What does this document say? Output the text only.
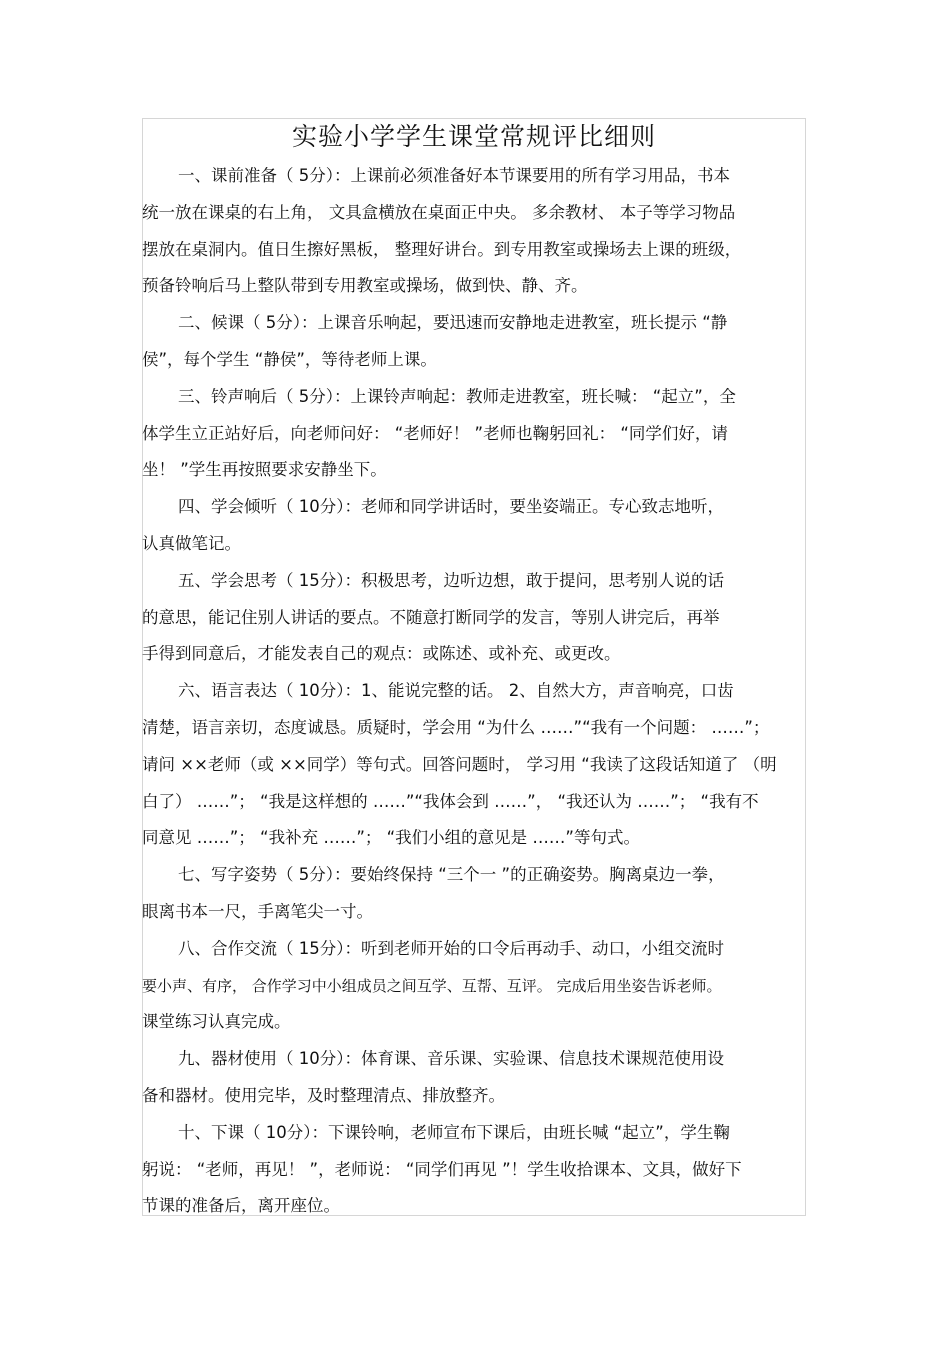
实验小学学生课堂常规评比细则

一、课前准备（ 5分）：上课前必须准备好本节课要用的所有学习用品，书本
统一放在课桌的右上角， 文具盒横放在桌面正中央。 多余教材、 本子等学习物品
摆放在桌洞内。值日生擦好黑板， 整理好讲台。到专用教室或操场去上课的班级，
预备铃响后马上整队带到专用教室或操场，做到快、静、齐。

二、候课（ 5分）：上课音乐响起，要迅速而安静地走进教室，班长提示 “静
侯”，每个学生 “静侯”，等待老师上课。

三、铃声响后（ 5分）：上课铃声响起：教师走进教室，班长喊： “起立”，全
体学生立正站好后，向老师问好： “老师好！ ”老师也鞠躬回礼： “同学们好，请
坐！ ”学生再按照要求安静坐下。

四、学会倾听（ 10分）：老师和同学讲话时，要坐姿端正。专心致志地听，
认真做笔记。

五、学会思考（ 15分）：积极思考，边听边想，敢于提问，思考别人说的话
的意思，能记住别人讲话的要点。不随意打断同学的发言，等别人讲完后，再举
手得到同意后，才能发表自己的观点：或陈述、或补充、或更改。

六、语言表达（ 10分）：1、能说完整的话。 2、自然大方，声音响亮，口齿
清楚，语言亲切，态度诚恳。质疑时，学会用 “为什么 ……”“我有一个问题： ……”；
请问 ××老师（或 ××同学）等句式。回答问题时， 学习用 “我读了这段话知道了 （明
白了） ……”； “我是这样想的 ……”“我体会到 ……”， “我还认为 ……”； “我有不
同意见 ……”； “我补充 ……”； “我们小组的意见是 ……”等句式。

七、写字姿势（ 5分）：要始终保持 “三个一 ”的正确姿势。胸离桌边一拳，
眼离书本一尺，手离笔尖一寸。

八、合作交流（ 15分）：听到老师开始的口令后再动手、动口，小组交流时
要小声、有序， 合作学习中小组成员之间互学、互帮、互评。 完成后用坐姿告诉老师。
课堂练习认真完成。

九、器材使用（ 10分）：体育课、音乐课、实验课、信息技术课规范使用设
备和器材。使用完毕，及时整理清点、排放整齐。

十、下课（ 10分）：下课铃响，老师宣布下课后，由班长喊 “起立”，学生鞠
躬说： “老师，再见！ ”，老师说： “同学们再见 ”！学生收拾课本、文具，做好下
节课的准备后，离开座位。
